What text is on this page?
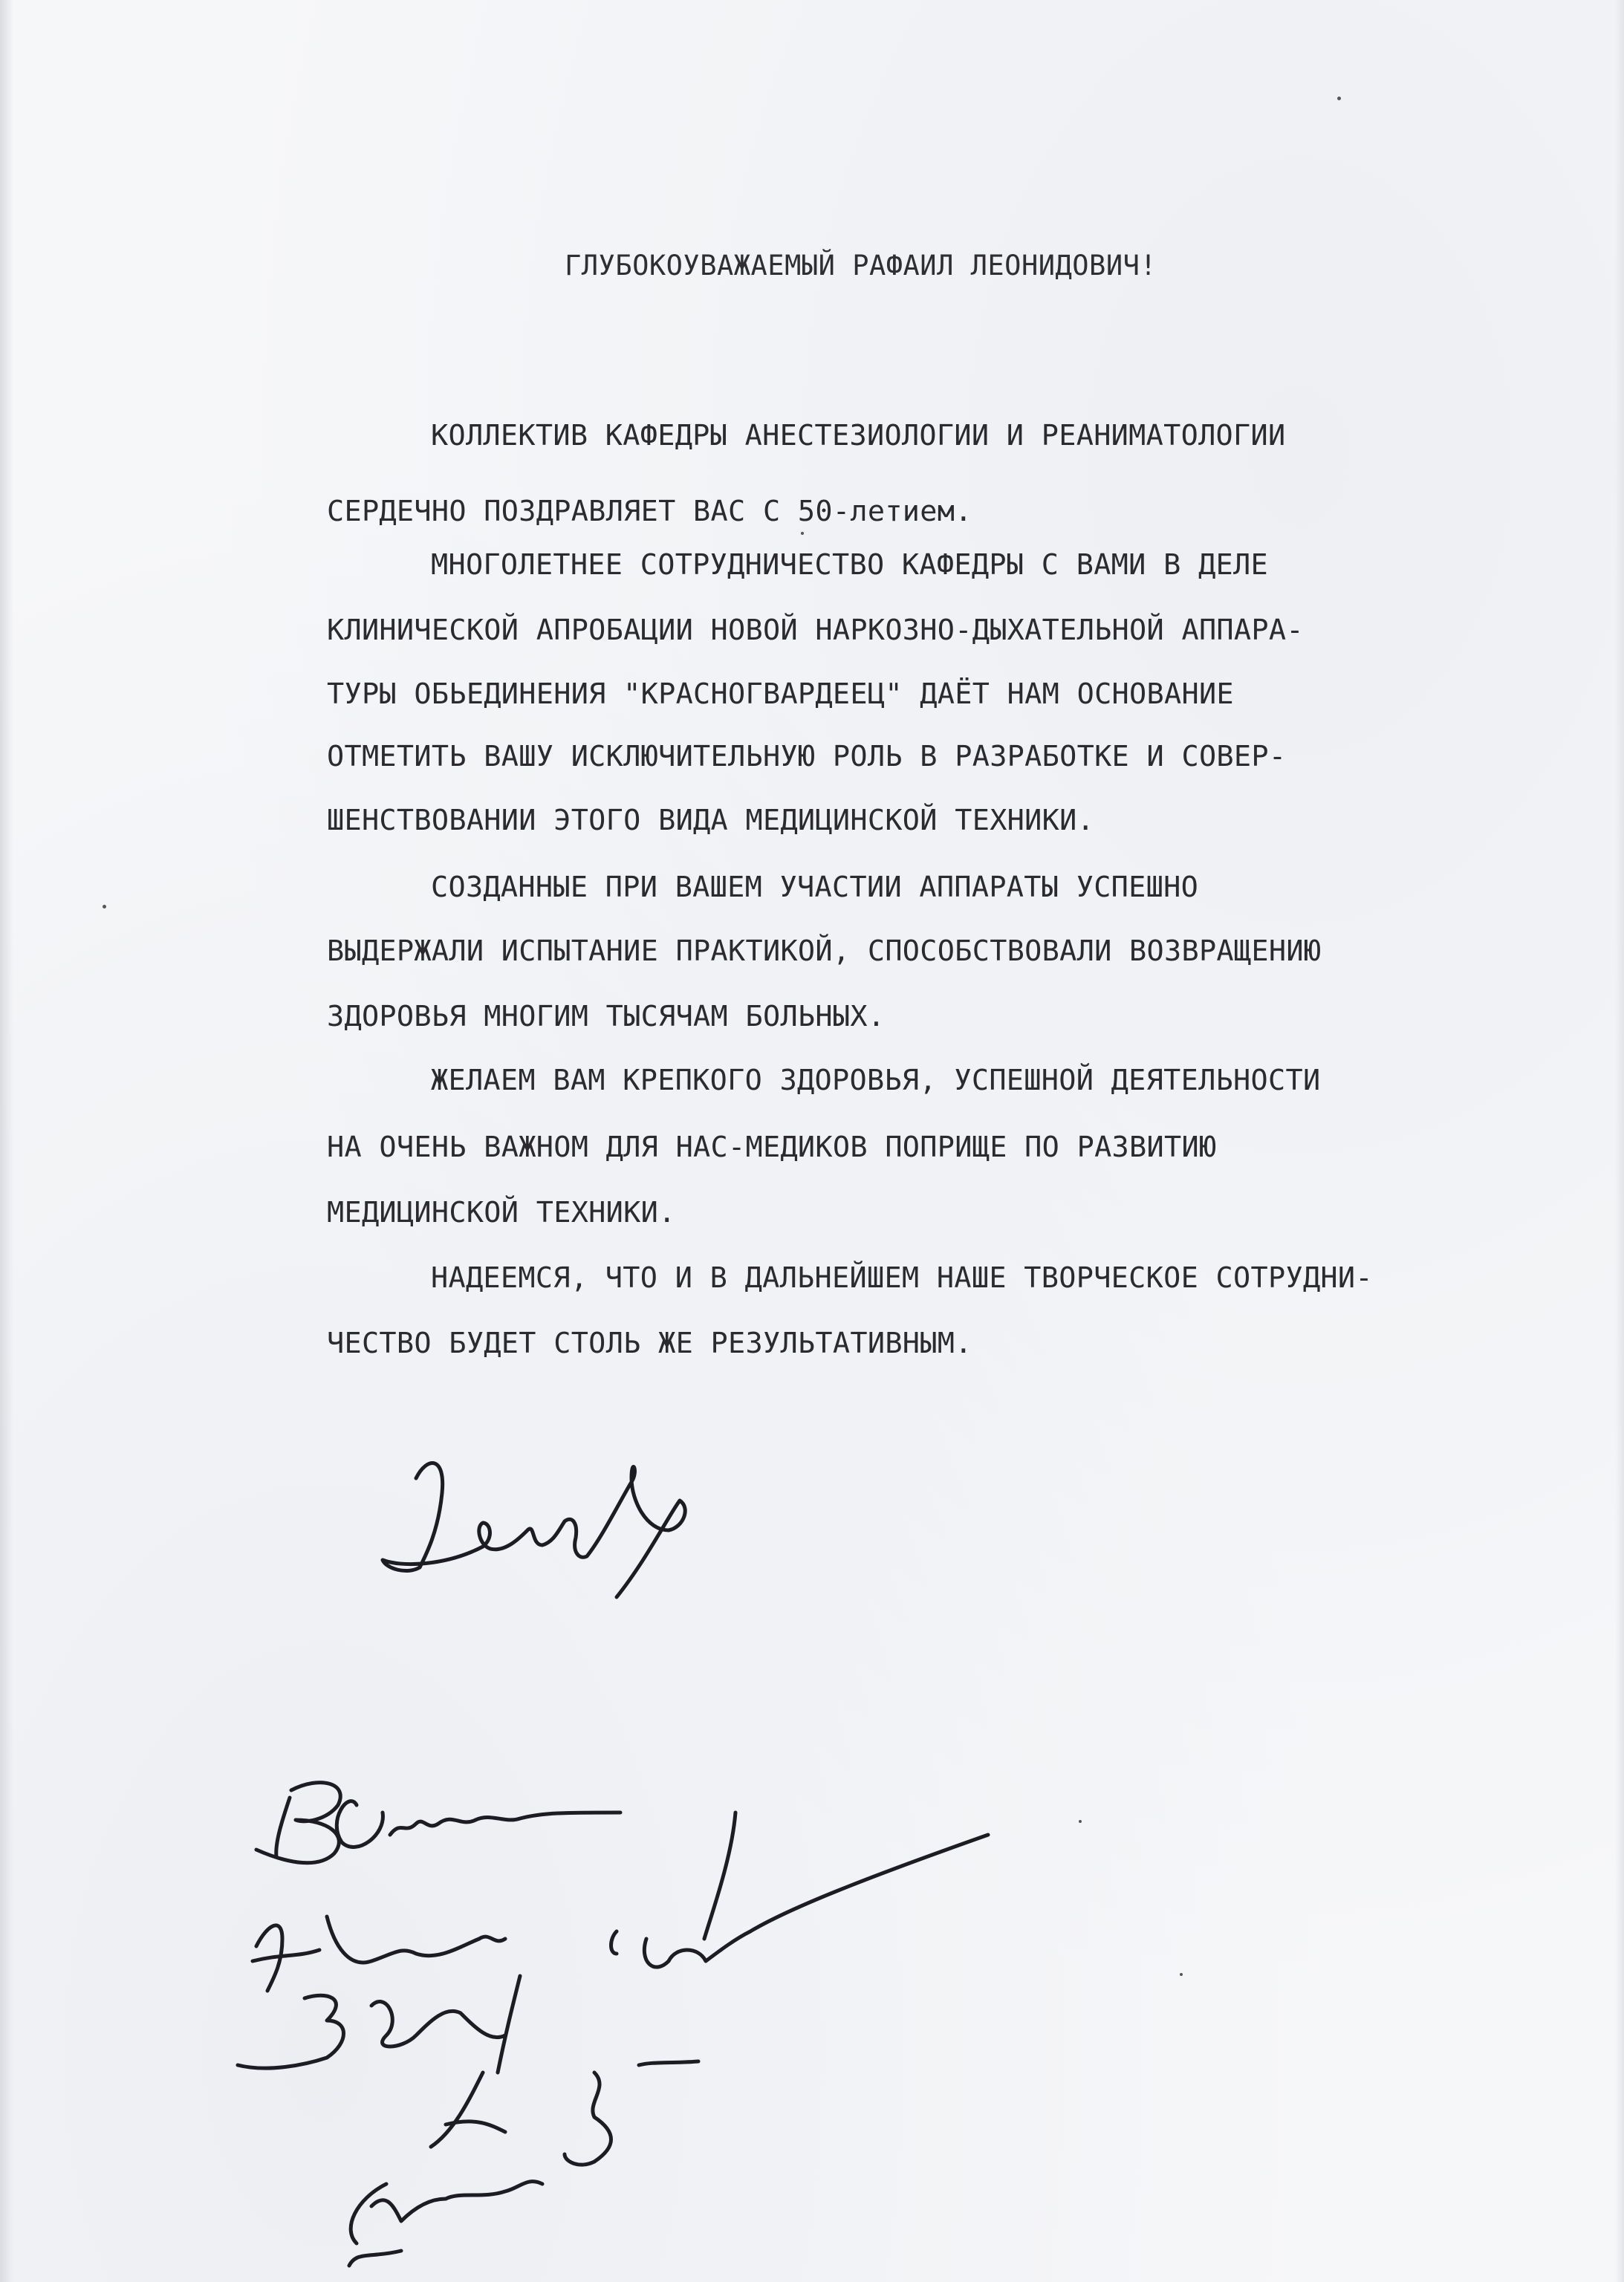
ГЛУБОКОУВАЖАЕМЫЙ РАФАИЛ ЛЕОНИДОВИЧ!
КОЛЛЕКТИВ КАФЕДРЫ АНЕСТЕЗИОЛОГИИ И РЕАНИМАТОЛОГИИ
СЕРДЕЧНО ПОЗДРАВЛЯЕТ ВАС С 50-летием.
МНОГОЛЕТНЕЕ СОТРУДНИЧЕСТВО КАФЕДРЫ С ВАМИ В ДЕЛЕ
КЛИНИЧЕСКОЙ АПРОБАЦИИ НОВОЙ НАРКОЗНО-ДЫХАТЕЛЬНОЙ АППАРА-
ТУРЫ ОБЬЕДИНЕНИЯ "КРАСНОГВАРДЕЕЦ" ДАЁТ НАМ ОСНОВАНИЕ
ОТМЕТИТЬ ВАШУ ИСКЛЮЧИТЕЛЬНУЮ РОЛЬ В РАЗРАБОТКЕ И СОВЕР-
ШЕНСТВОВАНИИ ЭТОГО ВИДА МЕДИЦИНСКОЙ ТЕХНИКИ.
СОЗДАННЫЕ ПРИ ВАШЕМ УЧАСТИИ АППАРАТЫ УСПЕШНО
ВЫДЕРЖАЛИ ИСПЫТАНИЕ ПРАКТИКОЙ, СПОСОБСТВОВАЛИ ВОЗВРАЩЕНИЮ
ЗДОРОВЬЯ МНОГИМ ТЫСЯЧАМ БОЛЬНЫХ.
ЖЕЛАЕМ ВАМ КРЕПКОГО ЗДОРОВЬЯ, УСПЕШНОЙ ДЕЯТЕЛЬНОСТИ
НА ОЧЕНЬ ВАЖНОМ ДЛЯ НАС-МЕДИКОВ ПОПРИЩЕ ПО РАЗВИТИЮ
МЕДИЦИНСКОЙ ТЕХНИКИ.
НАДЕЕМСЯ, ЧТО И В ДАЛЬНЕЙШЕМ НАШЕ ТВОРЧЕСКОЕ СОТРУДНИ-
ЧЕСТВО БУДЕТ СТОЛЬ ЖЕ РЕЗУЛЬТАТИВНЫМ.
